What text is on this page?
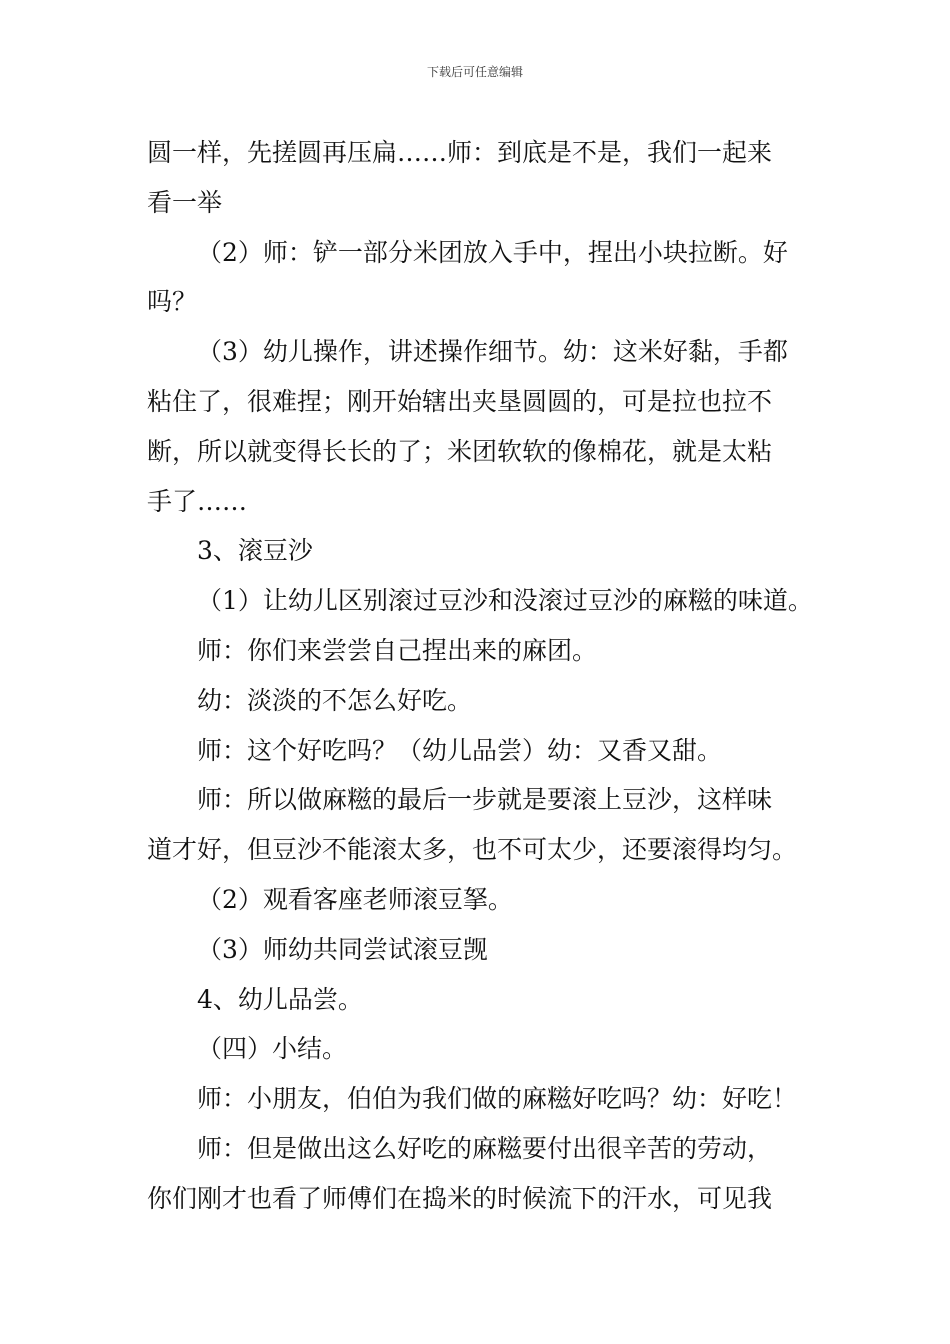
下载后可任意编辑
圆一样，先搓圆再压扁……师：到底是不是，我们一起来
看一举
（2）师：铲一部分米团放入手中，捏出小块拉断。好
吗？
（3）幼儿操作，讲述操作细节。幼：这米好黏，手都
粘住了，很难捏；刚开始辖出夹垦圆圆的，可是拉也拉不
断，所以就变得长长的了；米团软软的像棉花，就是太粘
手了……
3、滚豆沙
（1）让幼儿区别滚过豆沙和没滚过豆沙的麻糍的味道。
师：你们来尝尝自己捏出来的麻团。
幼：淡淡的不怎么好吃。
师：这个好吃吗？（幼儿品尝）幼：又香又甜。
师：所以做麻糍的最后一步就是要滚上豆沙，这样味
道才好，但豆沙不能滚太多，也不可太少，还要滚得均匀。
（2）观看客座老师滚豆拏。
（3）师幼共同尝试滚豆觊
4、幼儿品尝。
（四）小结。
师：小朋友，伯伯为我们做的麻糍好吃吗？幼：好吃！
师：但是做出这么好吃的麻糍要付出很辛苦的劳动，
你们刚才也看了师傅们在捣米的时候流下的汗水，可见我
